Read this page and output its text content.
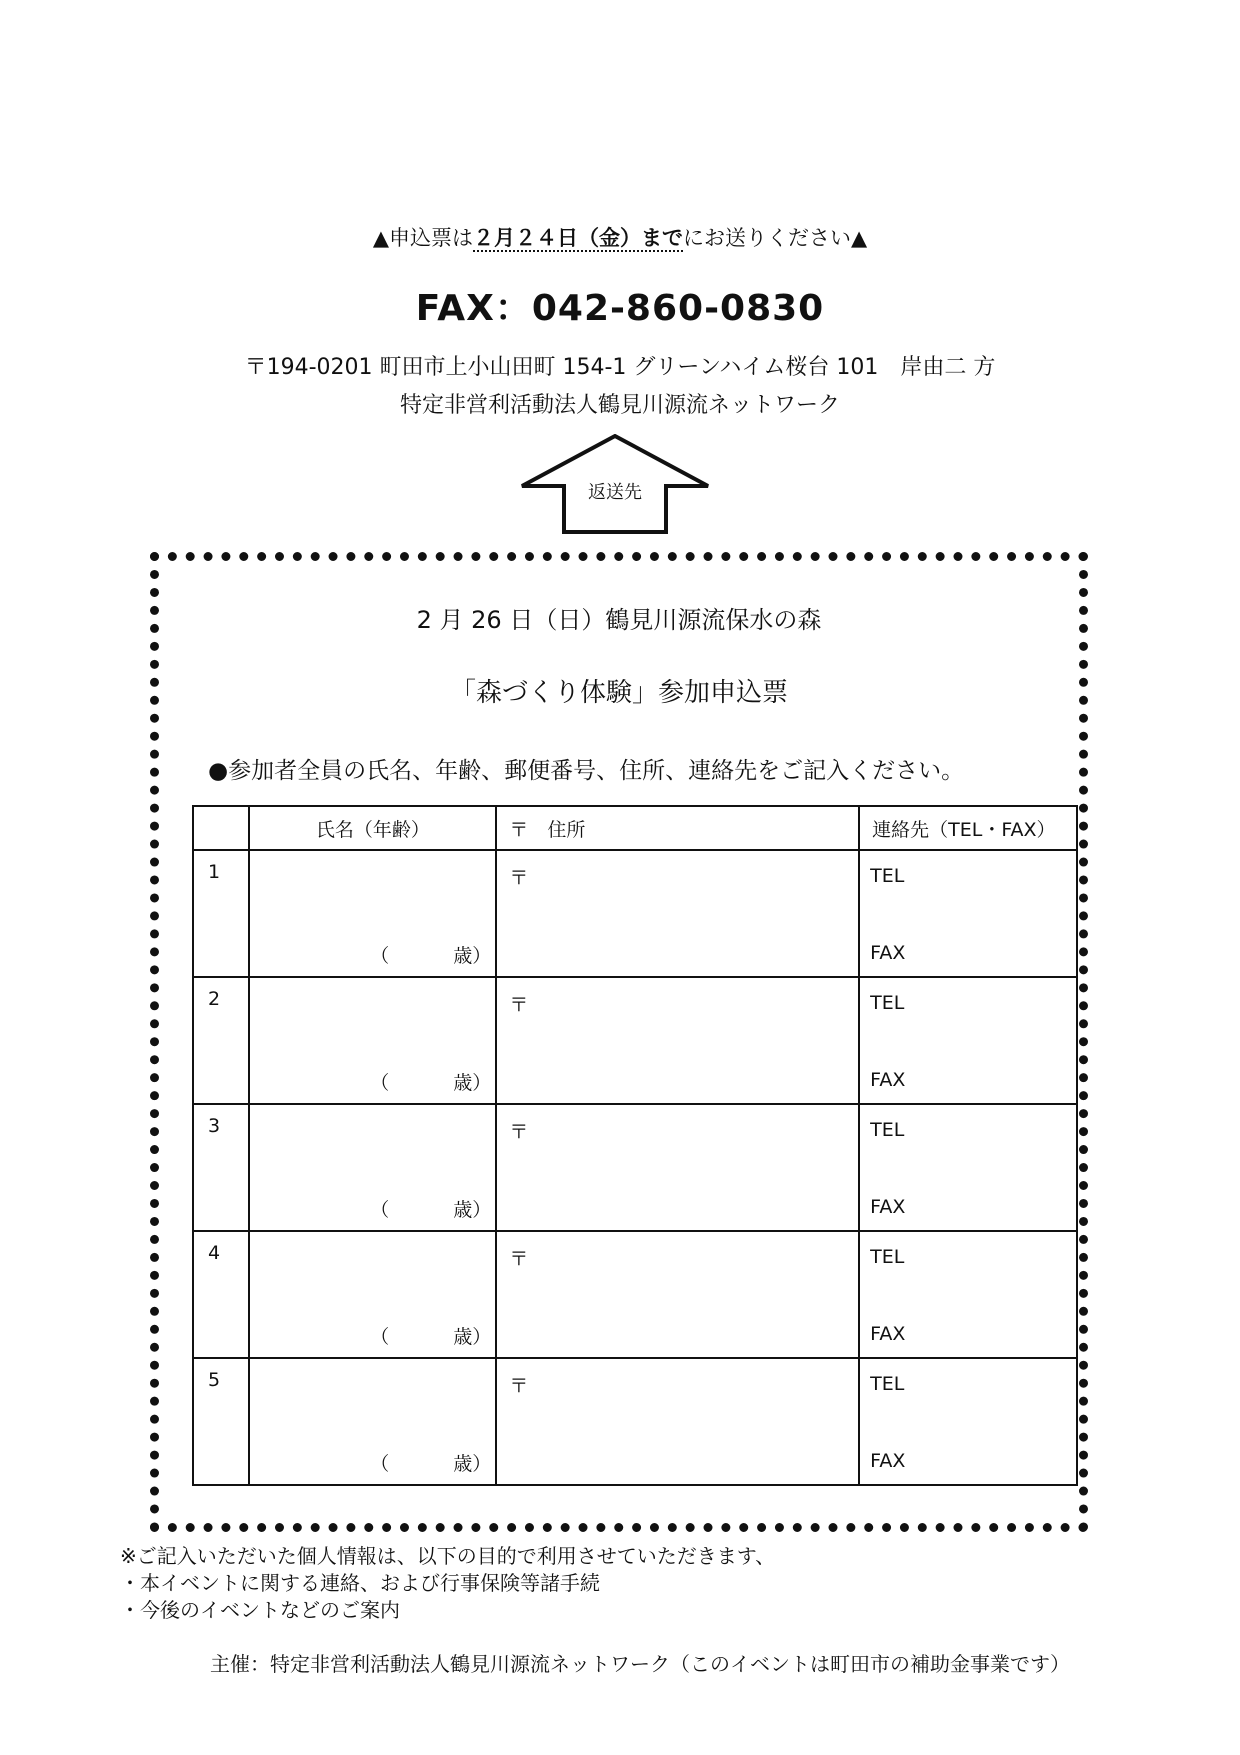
▲申込票は２月２４日（金）までにお送りください▲
FAX：042-860-0830
〒194-0201 町田市上小山田町 154-1 グリーンハイム桜台 101　岸由二 方
特定非営利活動法人鶴見川源流ネットワーク
返送先
2 月 26 日（日）鶴見川源流保水の森
「森づくり体験」参加申込票
●参加者全員の氏名、年齢、郵便番号、住所、連絡先をご記入ください。
	氏名（年齢）	〒　住所	連絡先（TEL・FAX）

1	（ 歳）	〒	TEL
FAX

2	（ 歳）	〒	TEL
FAX

3	（ 歳）	〒	TEL
FAX

4	（ 歳）	〒	TEL
FAX

5	（ 歳）	〒	TEL
FAX
※ご記入いただいた個人情報は、以下の目的で利用させていただきます、
・本イベントに関する連絡、および行事保険等諸手続
・今後のイベントなどのご案内
主催：特定非営利活動法人鶴見川源流ネットワーク（このイベントは町田市の補助金事業です）
